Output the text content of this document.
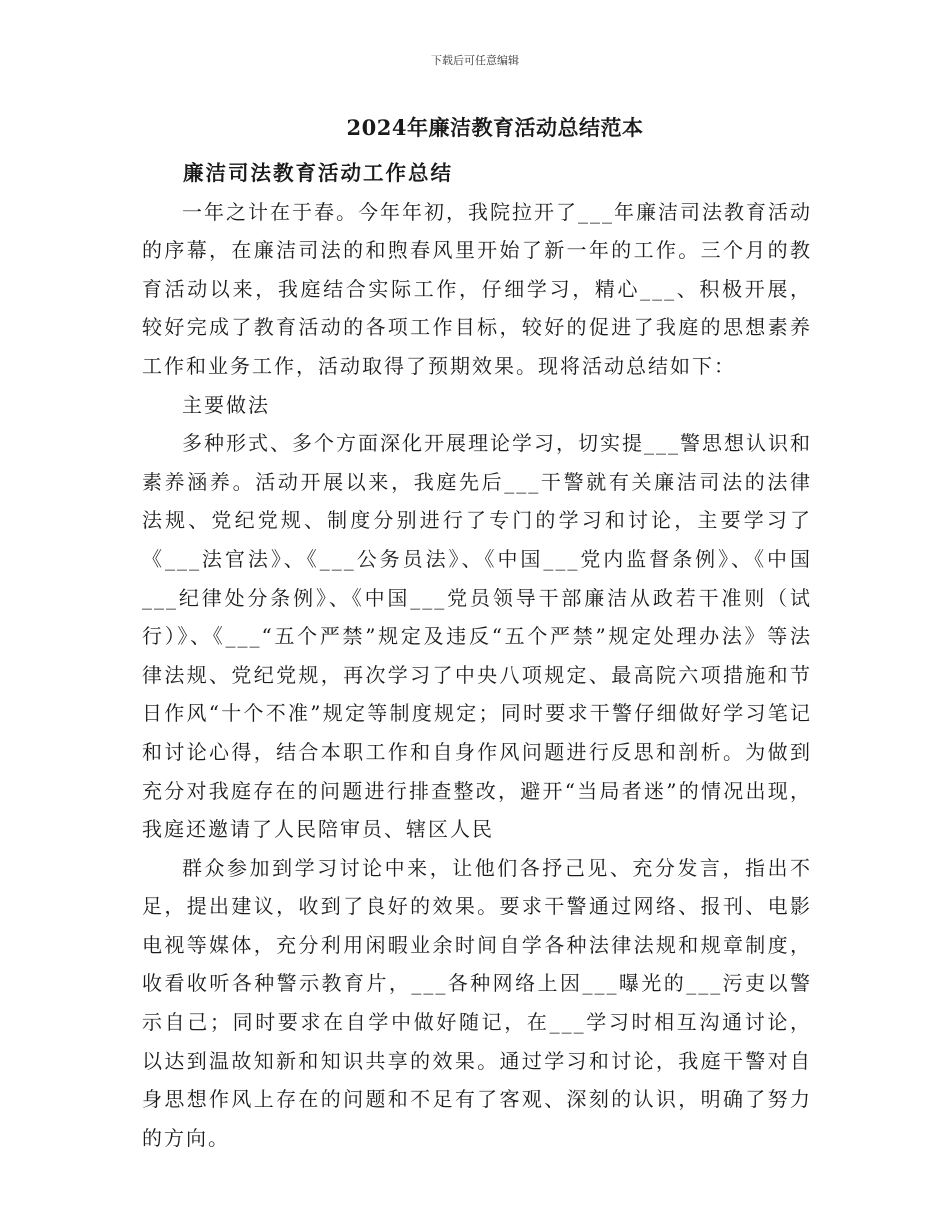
下载后可任意编辑
2024年廉洁教育活动总结范本

廉洁司法教育活动工作总结

一年之计在于春。今年年初，我院拉开了___年廉洁司法教育活动的序幕，在廉洁司法的和煦春风里开始了新一年的工作。三个月的教育活动以来，我庭结合实际工作，仔细学习，精心___、积极开展，较好完成了教育活动的各项工作目标，较好的促进了我庭的思想素养工作和业务工作，活动取得了预期效果。现将活动总结如下：

主要做法

多种形式、多个方面深化开展理论学习，切实提___警思想认识和素养涵养。活动开展以来，我庭先后___干警就有关廉洁司法的法律法规、党纪党规、制度分别进行了专门的学习和讨论，主要学习了《___法官法》、《___公务员法》、《中国___党内监督条例》、《中国___纪律处分条例》、《中国___党员领导干部廉洁从政若干准则（试行）》、《___“五个严禁”规定及违反“五个严禁”规定处理办法》等法律法规、党纪党规，再次学习了中央八项规定、最高院六项措施和节日作风“十个不准”规定等制度规定；同时要求干警仔细做好学习笔记和讨论心得，结合本职工作和自身作风问题进行反思和剖析。为做到充分对我庭存在的问题进行排查整改，避开“当局者迷”的情况出现，我庭还邀请了人民陪审员、辖区人民

群众参加到学习讨论中来，让他们各抒己见、充分发言，指出不足，提出建议，收到了良好的效果。要求干警通过网络、报刊、电影电视等媒体，充分利用闲暇业余时间自学各种法律法规和规章制度，收看收听各种警示教育片，___各种网络上因___曝光的___污吏以警示自己；同时要求在自学中做好随记，在___学习时相互沟通讨论，以达到温故知新和知识共享的效果。通过学习和讨论，我庭干警对自身思想作风上存在的问题和不足有了客观、深刻的认识，明确了努力的方向。
